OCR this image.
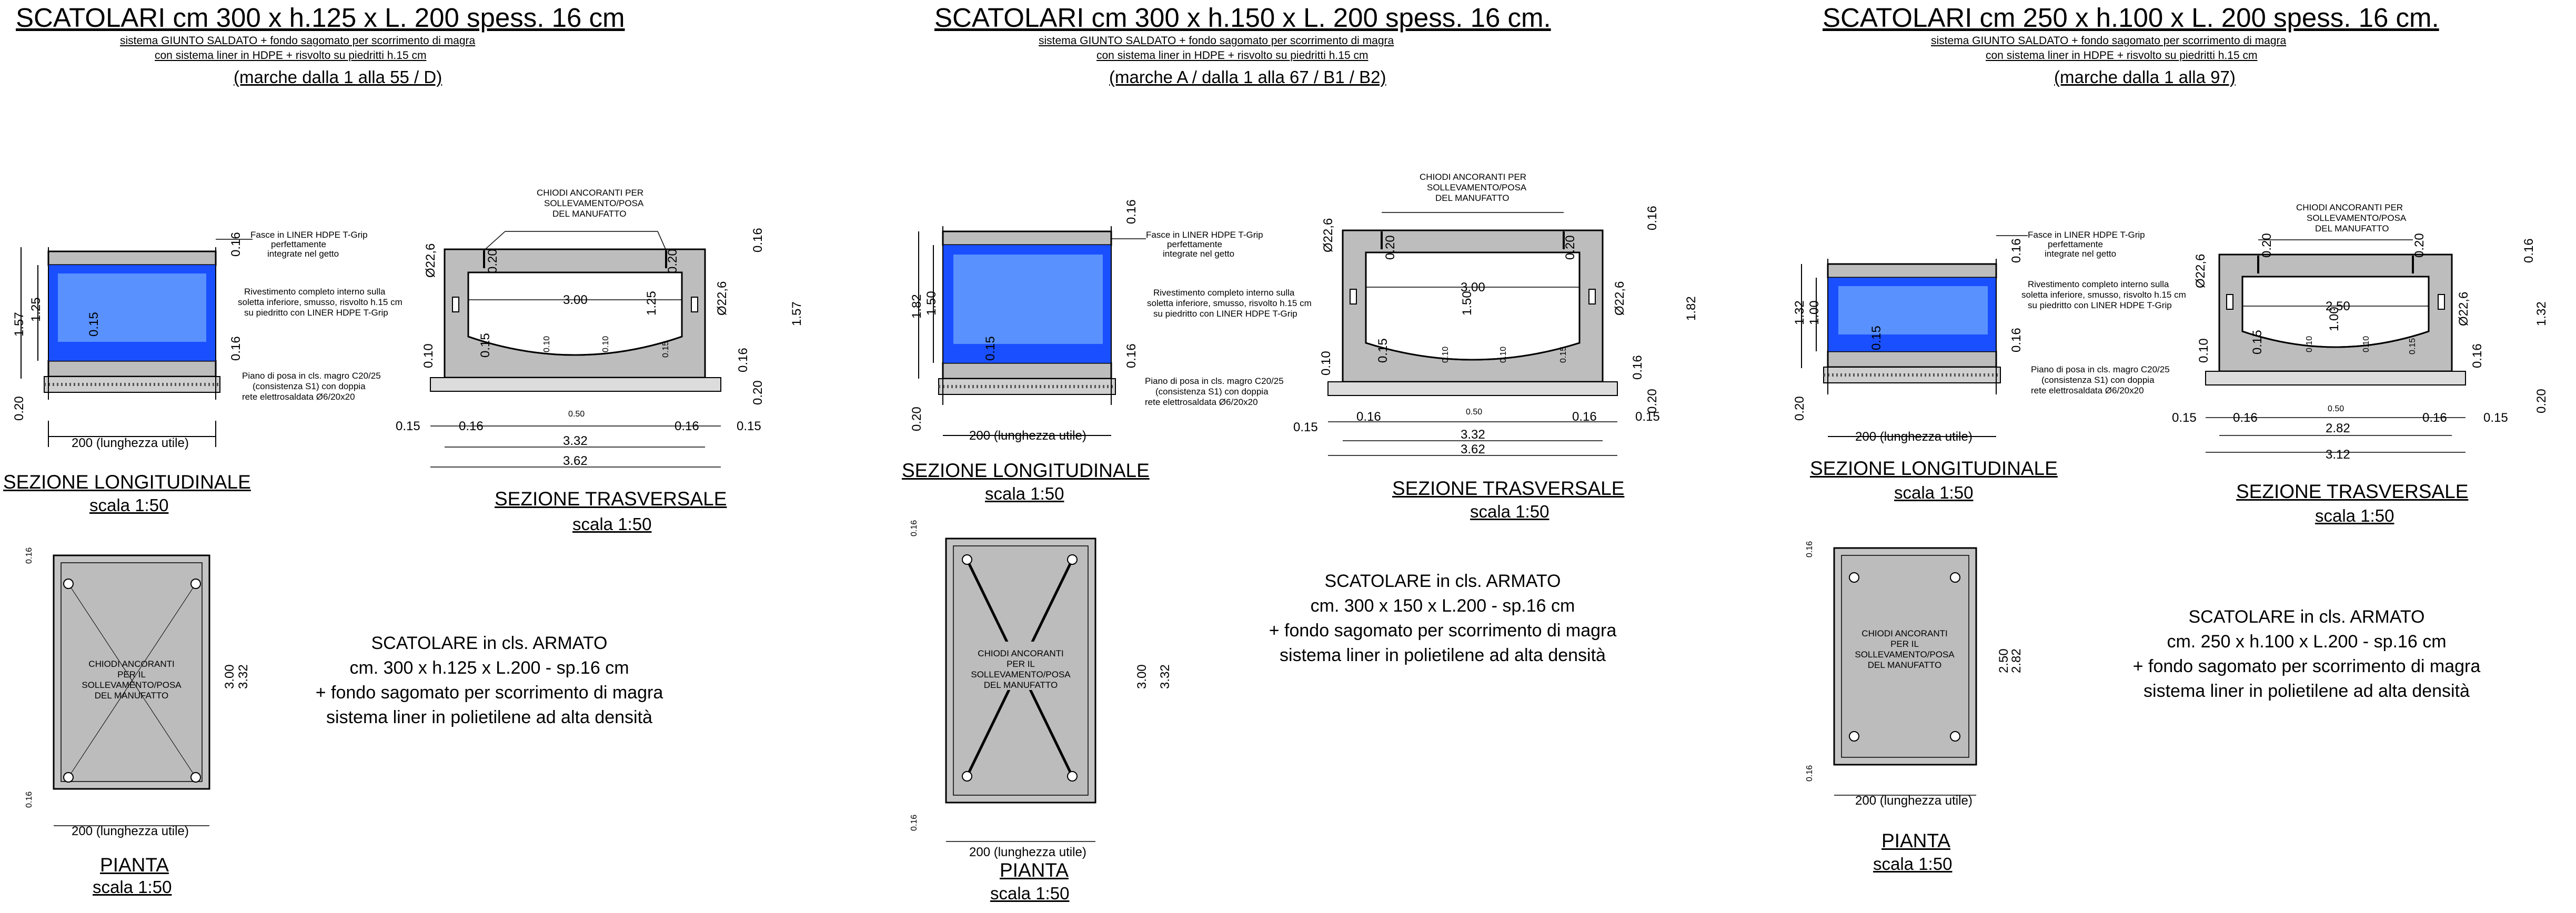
SCATOLARI cm 300 x h.125 x L. 200 spess. 16 cm
sistema GIUNTO SALDATO + fondo sagomato per scorrimento di magra
con sistema liner in HDPE + risvolto su piedritti h.15 cm
(marche dalla 1 alla 55 / D)
SEZIONE LONGITUDINALE
scala 1:50	SEZIONE TRASVERSALE
scala 1:50
PIANTA
scala 1:50
SCATOLARE in cls. ARMATO
cm. 300 x h.125 x L.200 - sp.16 cm
+ fondo sagomato per scorrimento di magra
sistema liner in polietilene ad alta densità
200 (lunghezza utile)
1.57
1.25
0.20
0.15
0.16
0.16
Fasce in LINER HDPE T-Grip
perfettamente
integrate nel getto
Rivestimento completo interno sulla
soletta inferiore, smusso, risvolto h.15 cm
su piedritto con LINER HDPE T-Grip
Piano di posa in cls. magro C20/25
(consistenza S1) con doppia
rete elettrosaldata Ø6/20x20
CHIODI ANCORANTI PER
SOLLEVAMENTO/POSA
DEL MANUFATTO
3.00	1.25
Ø22,6
Ø22,6
0.20	0.20
1.57
0.16
0.16
0.20
0.10	0.15	0.10	0.10	0.15
0.50
0.15	0.16	0.16	0.15
3.32
3.62
CHIODI ANCORANTI
PER IL
SOLLEVAMENTO/POSA
DEL MANUFATTO
3.00 3.32
0.16
0.16
200 (lunghezza utile)
SCATOLARI cm 300 x h.150 x L. 200 spess. 16 cm.
sistema GIUNTO SALDATO + fondo sagomato per scorrimento di magra
con sistema liner in HDPE + risvolto su piedritti h.15 cm
(marche A / dalla 1 alla 67 / B1 / B2)
SEZIONE LONGITUDINALE
scala 1:50	SEZIONE TRASVERSALE
scala 1:50
PIANTA
scala 1:50
SCATOLARE in cls. ARMATO
cm. 300 x 150 x L.200 - sp.16 cm
+ fondo sagomato per scorrimento di magra
sistema liner in polietilene ad alta densità
200 (lunghezza utile)
1.82 1.50
0.20
0.15
0.16
0.16
Fasce in LINER HDPE T-Grip
perfettamente
integrate nel getto
Rivestimento completo interno sulla
soletta inferiore, smusso, risvolto h.15 cm
su piedritto con LINER HDPE T-Grip
Piano di posa in cls. magro C20/25
(consistenza S1) con doppia
rete elettrosaldata Ø6/20x20
CHIODI ANCORANTI PER
SOLLEVAMENTO/POSA
DEL MANUFATTO
3.00
1.50
Ø22,6
Ø22,6
0.20	0.20
1.82
0.16
0.16
0.20
0.10
0.15	0.10	0.10	0.15
0.50
0.15
0.16	0.16	0.15
3.32
3.62
CHIODI ANCORANTI
PER IL
SOLLEVAMENTO/POSA
DEL MANUFATTO	3.00 3.32
0.16
0.16
200 (lunghezza utile)
SCATOLARI cm 250 x h.100 x L. 200 spess. 16 cm.
sistema GIUNTO SALDATO + fondo sagomato per scorrimento di magra
con sistema liner in HDPE + risvolto su piedritti h.15 cm
(marche dalla 1 alla 97)
SEZIONE LONGITUDINALE
scala 1:50	SEZIONE TRASVERSALE
scala 1:50
PIANTA
scala 1:50
SCATOLARE in cls. ARMATO
cm. 250 x h.100 x L.200 - sp.16 cm
+ fondo sagomato per scorrimento di magra
sistema liner in polietilene ad alta densità
200 (lunghezza utile)
1.32 1.00
0.20
0.15
0.16
0.16
Fasce in LINER HDPE T-Grip
perfettamente
integrate nel getto
Rivestimento completo interno sulla
soletta inferiore, smusso, risvolto h.15 cm
su piedritto con LINER HDPE T-Grip
Piano di posa in cls. magro C20/25
(consistenza S1) con doppia
rete elettrosaldata Ø6/20x20
CHIODI ANCORANTI PER
SOLLEVAMENTO/POSA
DEL MANUFATTO
2.50
1.00
Ø22,6
Ø22,6
0.20	0.20
1.32
0.16
0.16
0.20
0.10	0.15	0.10	0.10	0.15
0.50
0.15	0.16	0.16	0.15
2.82
3.12
CHIODI ANCORANTI
PER IL
SOLLEVAMENTO/POSA
DEL MANUFATTO	2.50
2.82
0.16
0.16
200 (lunghezza utile)
